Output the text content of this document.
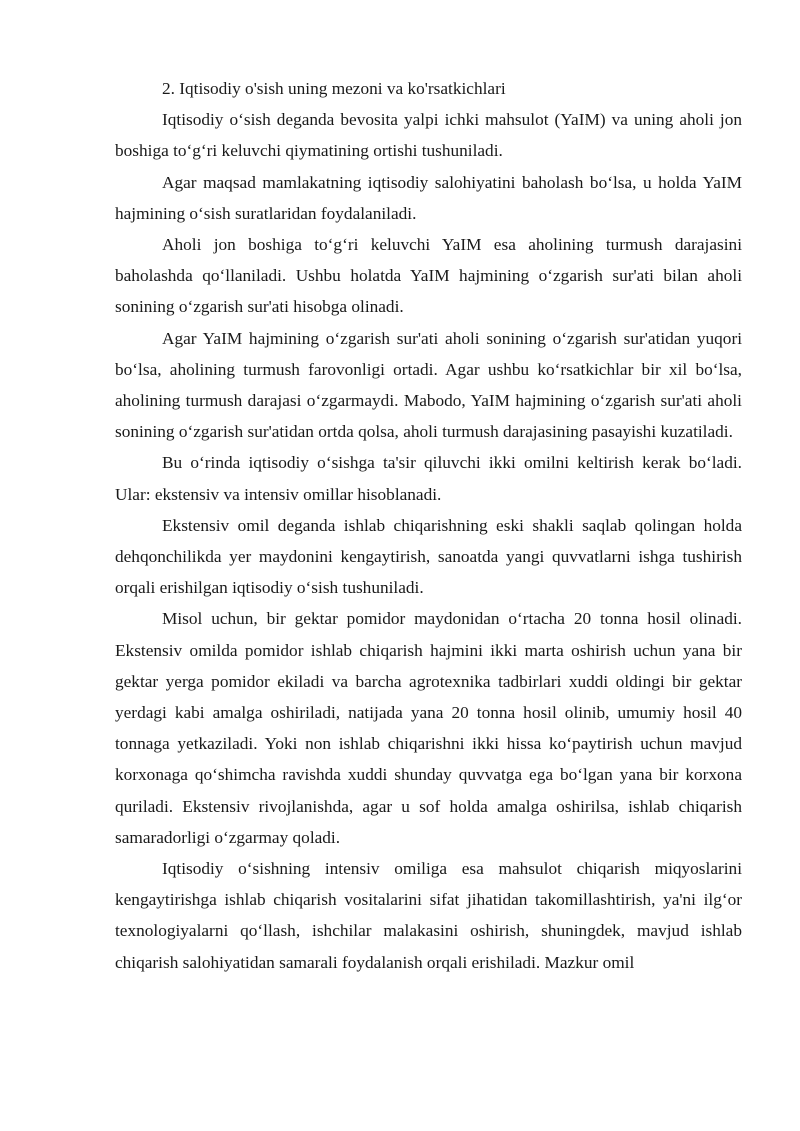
2. Iqtisodiy o'sish uning mezoni va ko'rsatkichlari

Iqtisodiy o‘sish deganda bevosita yalpi ichki mahsulot (YaIM) va uning aholi jon boshiga to‘g‘ri keluvchi qiymatining ortishi tushuniladi.

Agar maqsad mamlakatning iqtisodiy salohiyatini baholash bo‘lsa, u holda YaIM hajmining o‘sish suratlaridan foydalaniladi.

Aholi jon boshiga to‘g‘ri keluvchi YaIM esa aholining turmush darajasini baholashda qo‘llaniladi. Ushbu holatda YaIM hajmining o‘zgarish sur'ati bilan aholi sonining o‘zgarish sur'ati hisobga olinadi.

Agar YaIM hajmining o‘zgarish sur'ati aholi sonining o‘zgarish sur'atidan yuqori bo‘lsa, aholining turmush farovonligi ortadi. Agar ushbu ko‘rsatkichlar bir xil bo‘lsa, aholining turmush darajasi o‘zgarmaydi. Mabodo, YaIM hajmining o‘zgarish sur'ati aholi sonining o‘zgarish sur'atidan ortda qolsa, aholi turmush darajasining pasayishi kuzatiladi.

Bu o‘rinda iqtisodiy o‘sishga ta'sir qiluvchi ikki omilni keltirish kerak bo‘ladi. Ular: ekstensiv va intensiv omillar hisoblanadi.

Ekstensiv omil deganda ishlab chiqarishning eski shakli saqlab qolingan holda dehqonchilikda yer maydonini kengaytirish, sanoatda yangi quvvatlarni ishga tushirish orqali erishilgan iqtisodiy o‘sish tushuniladi.

Misol uchun, bir gektar pomidor maydonidan o‘rtacha 20 tonna hosil olinadi. Ekstensiv omilda pomidor ishlab chiqarish hajmini ikki marta oshirish uchun yana bir gektar yerga pomidor ekiladi va barcha agrotexnika tadbirlari xuddi oldingi bir gektar yerdagi kabi amalga oshiriladi, natijada yana 20 tonna hosil olinib, umumiy hosil 40 tonnaga yetkaziladi. Yoki non ishlab chiqarishni ikki hissa ko‘paytirish uchun mavjud korxonaga qo‘shimcha ravishda xuddi shunday quvvatga ega bo‘lgan yana bir korxona quriladi. Ekstensiv rivojlanishda, agar u sof holda amalga oshirilsa, ishlab chiqarish samaradorligi o‘zgarmay qoladi.

Iqtisodiy o‘sishning intensiv omiliga esa mahsulot chiqarish miqyoslarini kengaytirishga ishlab chiqarish vositalarini sifat jihatidan takomillashtirish, ya'ni ilg‘or texnologiyalarni qo‘llash, ishchilar malakasini oshirish, shuningdek, mavjud ishlab chiqarish salohiyatidan samarali foydalanish orqali erishiladi. Mazkur omil
